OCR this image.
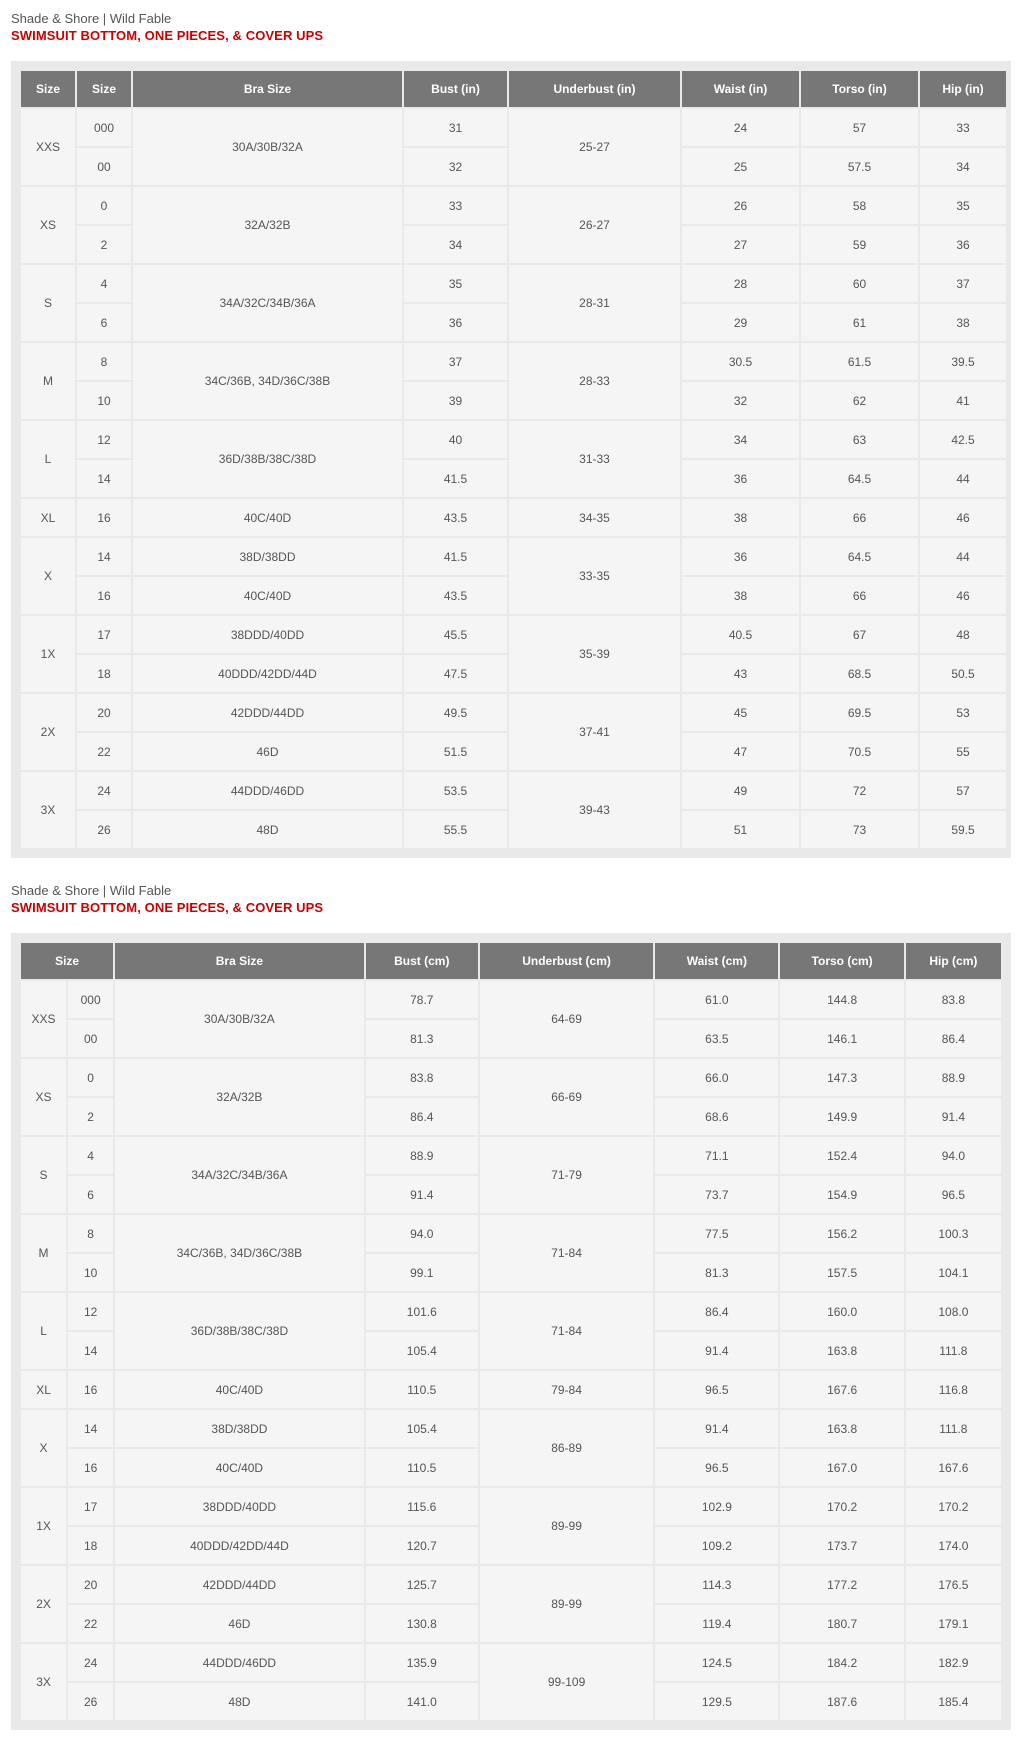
Shade & Shore | Wild Fable
SWIMSUIT BOTTOM, ONE PIECES, & COVER UPS
Size	Size	Bra Size	Bust (in)	Underbust (in)	Waist (in)	Torso (in)	Hip (in)
XXS	000	30A/30B/32A	31	25-27	24	57	33
	00		32		25	57.5	34
XS	0	32A/32B	33	26-27	26	58	35
	2		34		27	59	36
S	4	34A/32C/34B/36A	35	28-31	28	60	37
	6		36		29	61	38
M	8	34C/36B, 34D/36C/38B	37	28-33	30.5	61.5	39.5
	10		39		32	62	41
L	12	36D/38B/38C/38D	40	31-33	34	63	42.5
	14		41.5		36	64.5	44
XL	16	40C/40D	43.5	34-35	38	66	46
X	14	38D/38DD	41.5	33-35	36	64.5	44
	16	40C/40D	43.5		38	66	46
1X	17	38DDD/40DD	45.5	35-39	40.5	67	48
	18	40DDD/42DD/44D	47.5		43	68.5	50.5
2X	20	42DDD/44DD	49.5	37-41	45	69.5	53
	22	46D	51.5		47	70.5	55
3X	24	44DDD/46DD	53.5	39-43	49	72	57
	26	48D	55.5		51	73	59.5
Shade & Shore | Wild Fable
SWIMSUIT BOTTOM, ONE PIECES, & COVER UPS
Size		Bra Size	Bust (cm)	Underbust (cm)	Waist (cm)	Torso (cm)	Hip (cm)
XXS	000	30A/30B/32A	78.7	64-69	61.0	144.8	83.8
	00		81.3		63.5	146.1	86.4
XS	0	32A/32B	83.8	66-69	66.0	147.3	88.9
	2		86.4		68.6	149.9	91.4
S	4	34A/32C/34B/36A	88.9	71-79	71.1	152.4	94.0
	6		91.4		73.7	154.9	96.5
M	8	34C/36B, 34D/36C/38B	94.0	71-84	77.5	156.2	100.3
	10		99.1		81.3	157.5	104.1
L	12	36D/38B/38C/38D	101.6	71-84	86.4	160.0	108.0
	14		105.4		91.4	163.8	111.8
XL	16	40C/40D	110.5	79-84	96.5	167.6	116.8
X	14	38D/38DD	105.4	86-89	91.4	163.8	111.8
	16	40C/40D	110.5		96.5	167.0	167.6
1X	17	38DDD/40DD	115.6	89-99	102.9	170.2	170.2
	18	40DDD/42DD/44D	120.7		109.2	173.7	174.0
2X	20	42DDD/44DD	125.7	89-99	114.3	177.2	176.5
	22	46D	130.8		119.4	180.7	179.1
3X	24	44DDD/46DD	135.9	99-109	124.5	184.2	182.9
	26	48D	141.0		129.5	187.6	185.4
